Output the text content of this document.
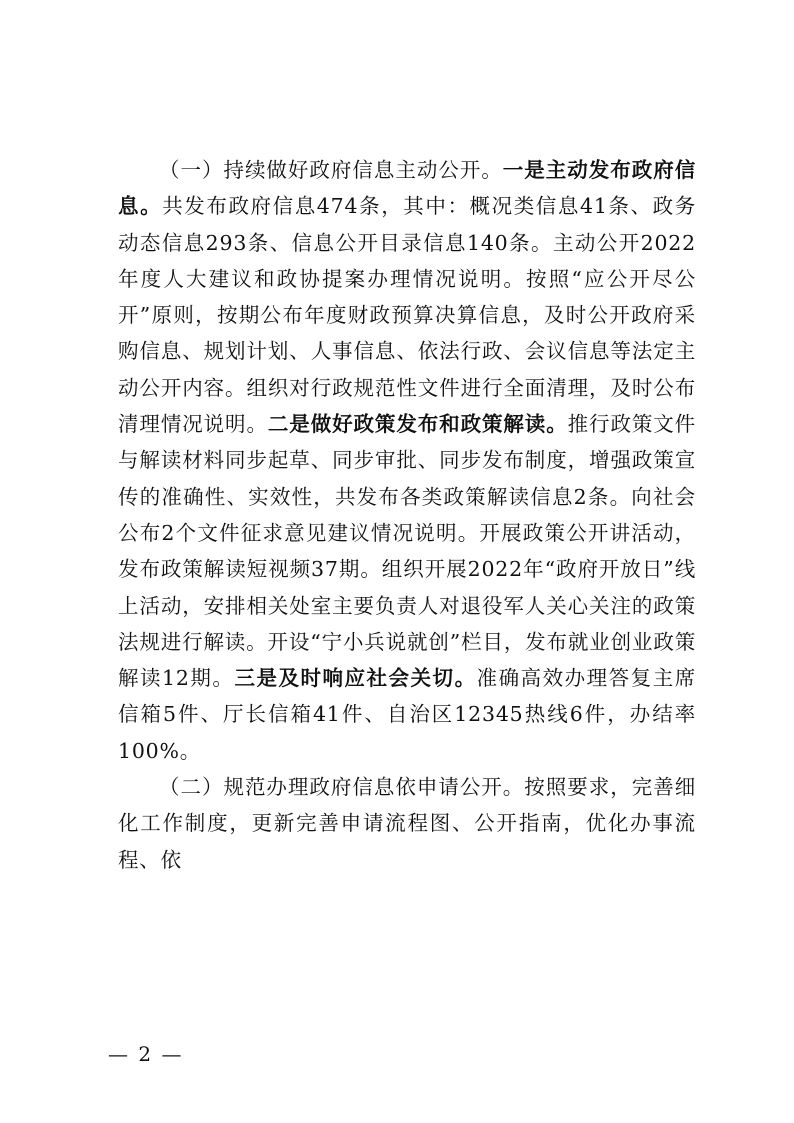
（一）持续做好政府信息主动公开。一是主动发布政府信息。共发布政府信息474条，其中：概况类信息41条、政务动态信息293条、信息公开目录信息140条。主动公开2022年度人大建议和政协提案办理情况说明。按照“应公开尽公开”原则，按期公布年度财政预算决算信息，及时公开政府采购信息、规划计划、人事信息、依法行政、会议信息等法定主动公开内容。组织对行政规范性文件进行全面清理，及时公布清理情况说明。二是做好政策发布和政策解读。推行政策文件与解读材料同步起草、同步审批、同步发布制度，增强政策宣传的准确性、实效性，共发布各类政策解读信息2条。向社会公布2个文件征求意见建议情况说明。开展政策公开讲活动，发布政策解读短视频37期。组织开展2022年“政府开放日”线上活动，安排相关处室主要负责人对退役军人关心关注的政策法规进行解读。开设“宁小兵说就创”栏目，发布就业创业政策解读12期。三是及时响应社会关切。准确高效办理答复主席信箱5件、厅长信箱41件、自治区12345热线6件，办结率100%。

（二）规范办理政府信息依申请公开。按照要求，完善细化工作制度，更新完善申请流程图、公开指南，优化办事流程、依

— 2 —
